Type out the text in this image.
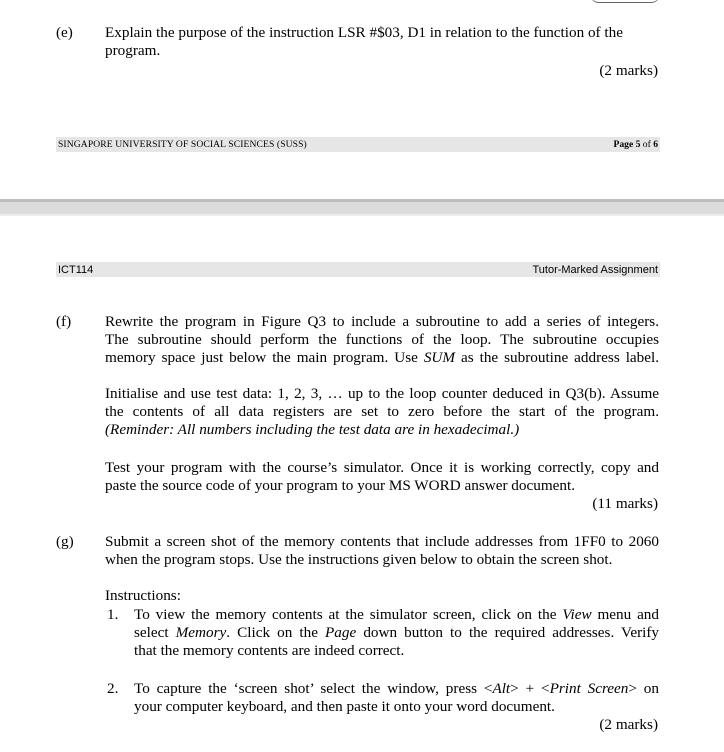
(e)	Explain the purpose of the instruction LSR #$03, D1 in relation to the function of the
program.
(2 marks)
SINGAPORE UNIVERSITY OF SOCIAL SCIENCES (SUSS)	Page 5 of 6
ICT114	Tutor-Marked Assignment
(f)	Rewrite the program in Figure Q3 to include a subroutine to add a series of integers.
The subroutine should perform the functions of the loop. The subroutine occupies
memory space just below the main program. Use SUM as the subroutine address label.
Initialise and use test data: 1, 2, 3, … up to the loop counter deduced in Q3(b). Assume
the contents of all data registers are set to zero before the start of the program.
(Reminder: All numbers including the test data are in hexadecimal.)
Test your program with the course’s simulator. Once it is working correctly, copy and
paste the source code of your program to your MS WORD answer document.
(11 marks)
(g)	Submit a screen shot of the memory contents that include addresses from 1FF0 to 2060
when the program stops. Use the instructions given below to obtain the screen shot.
Instructions:
1.	To view the memory contents at the simulator screen, click on the View menu and
select Memory. Click on the Page down button to the required addresses. Verify
that the memory contents are indeed correct.
2.	To capture the ‘screen shot’ select the window, press <Alt> + <Print Screen> on
your computer keyboard, and then paste it onto your word document.
(2 marks)
